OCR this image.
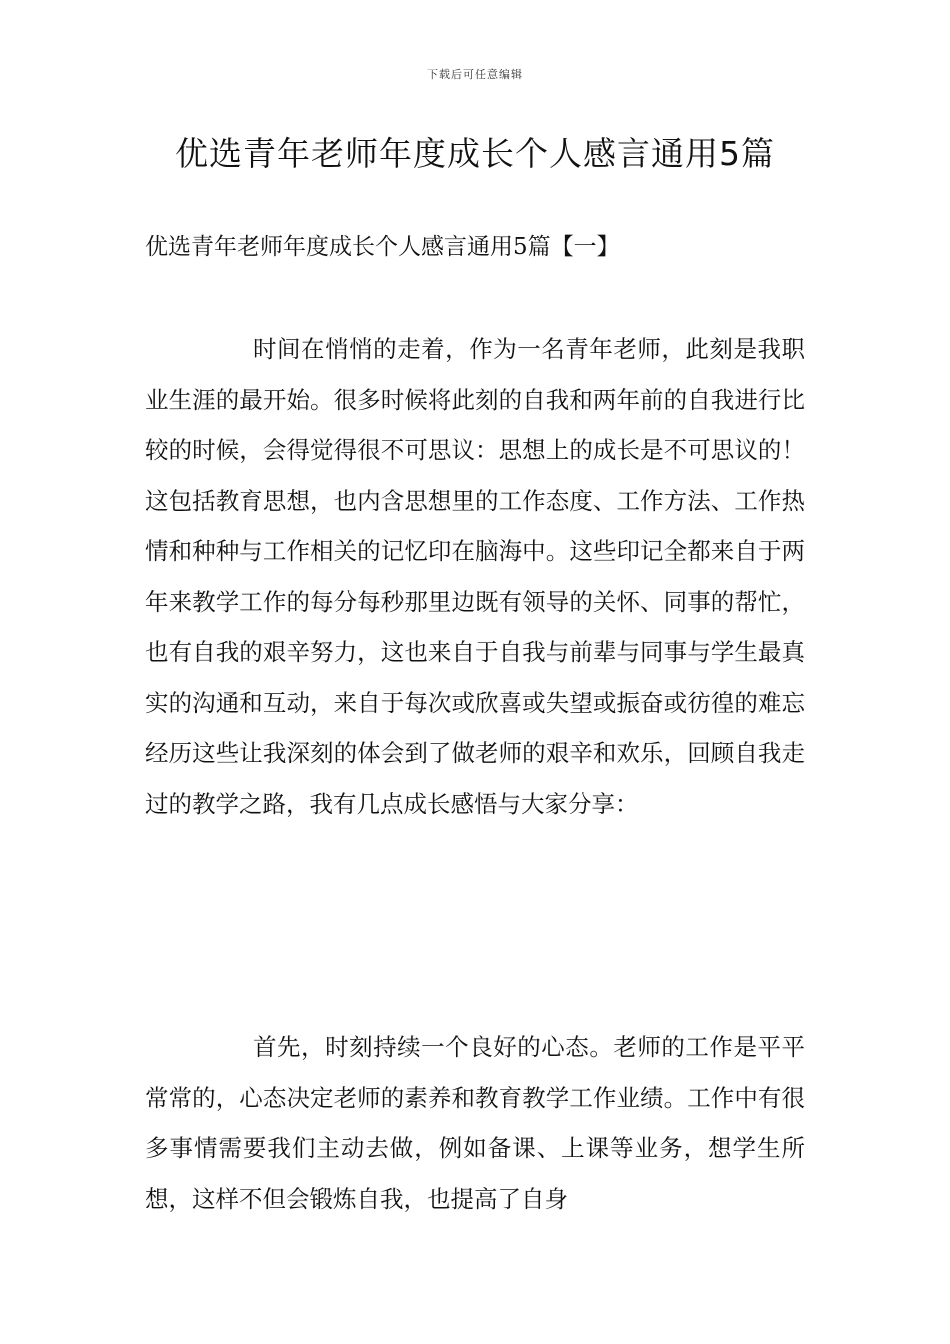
下载后可任意编辑
优选青年老师年度成长个人感言通用5篇
优选青年老师年度成长个人感言通用5篇【一】

时间在悄悄的走着，作为一名青年老师，此刻是我职业生涯的最开始。很多时候将此刻的自我和两年前的自我进行比较的时候，会得觉得很不可思议：思想上的成长是不可思议的！这包括教育思想，也内含思想里的工作态度、工作方法、工作热情和种种与工作相关的记忆印在脑海中。这些印记全都来自于两年来教学工作的每分每秒那里边既有领导的关怀、同事的帮忙，也有自我的艰辛努力，这也来自于自我与前辈与同事与学生最真实的沟通和互动，来自于每次或欣喜或失望或振奋或彷徨的难忘经历这些让我深刻的体会到了做老师的艰辛和欢乐，回顾自我走过的教学之路，我有几点成长感悟与大家分享：

首先，时刻持续一个良好的心态。老师的工作是平平常常的，心态决定老师的素养和教育教学工作业绩。工作中有很多事情需要我们主动去做，例如备课、上课等业务，想学生所想，这样不但会锻炼自我，也提高了自身
